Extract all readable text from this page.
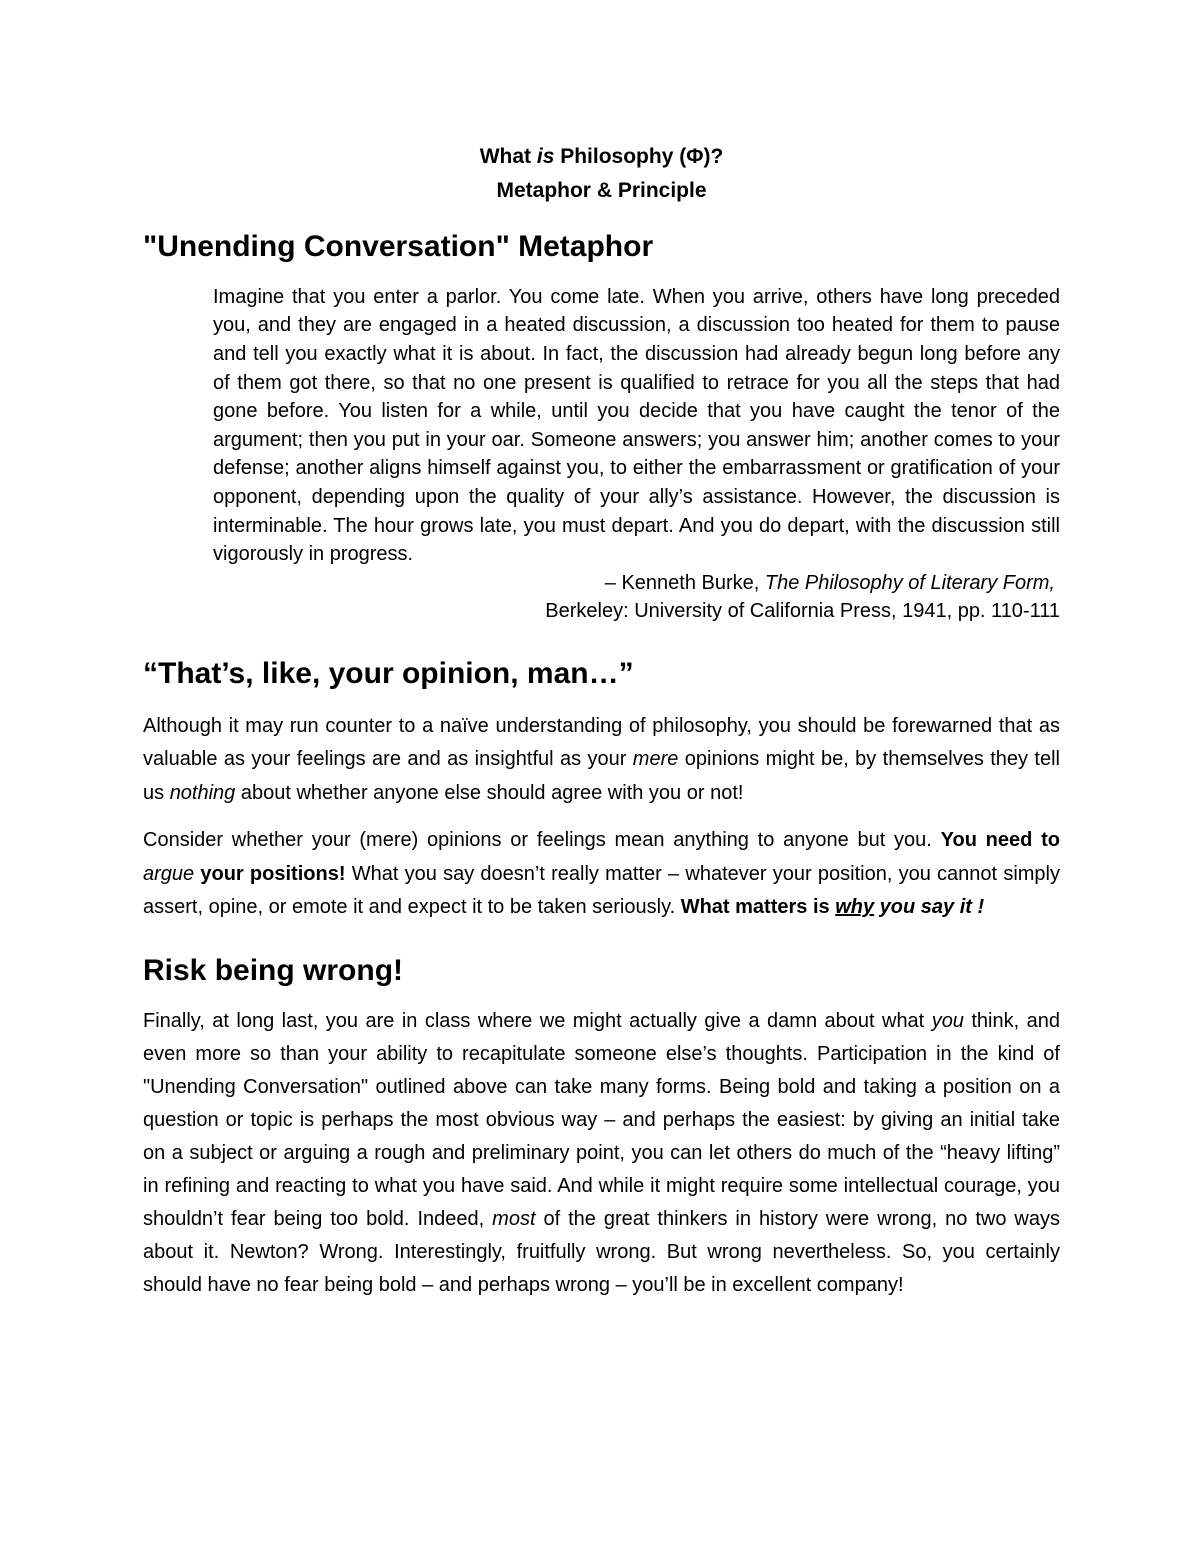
What is Philosophy (Φ)?
Metaphor & Principle
"Unending Conversation" Metaphor

Imagine that you enter a parlor. You come late. When you arrive, others have long preceded you, and they are engaged in a heated discussion, a discussion too heated for them to pause and tell you exactly what it is about. In fact, the discussion had already begun long before any of them got there, so that no one present is qualified to retrace for you all the steps that had gone before. You listen for a while, until you decide that you have caught the tenor of the argument; then you put in your oar. Someone answers; you answer him; another comes to your defense; another aligns himself against you, to either the embarrassment or gratification of your opponent, depending upon the quality of your ally’s assistance. However, the discussion is interminable. The hour grows late, you must depart. And you do depart, with the discussion still vigorously in progress.

– Kenneth Burke, The Philosophy of Literary Form,
Berkeley: University of California Press, 1941, pp. 110-111

“That’s, like, your opinion, man…”

Although it may run counter to a naïve understanding of philosophy, you should be forewarned that as valuable as your feelings are and as insightful as your mere opinions might be, by themselves they tell us nothing about whether anyone else should agree with you or not!

Consider whether your (mere) opinions or feelings mean anything to anyone but you. You need to argue your positions! What you say doesn’t really matter – whatever your position, you cannot simply assert, opine, or emote it and expect it to be taken seriously. What matters is why you say it !

Risk being wrong!

Finally, at long last, you are in class where we might actually give a damn about what you think, and even more so than your ability to recapitulate someone else’s thoughts. Participation in the kind of "Unending Conversation" outlined above can take many forms. Being bold and taking a position on a question or topic is perhaps the most obvious way – and perhaps the easiest: by giving an initial take on a subject or arguing a rough and preliminary point, you can let others do much of the “heavy lifting” in refining and reacting to what you have said. And while it might require some intellectual courage, you shouldn’t fear being too bold. Indeed, most of the great thinkers in history were wrong, no two ways about it. Newton? Wrong. Interestingly, fruitfully wrong. But wrong nevertheless. So, you certainly should have no fear being bold – and perhaps wrong – you’ll be in excellent company!
